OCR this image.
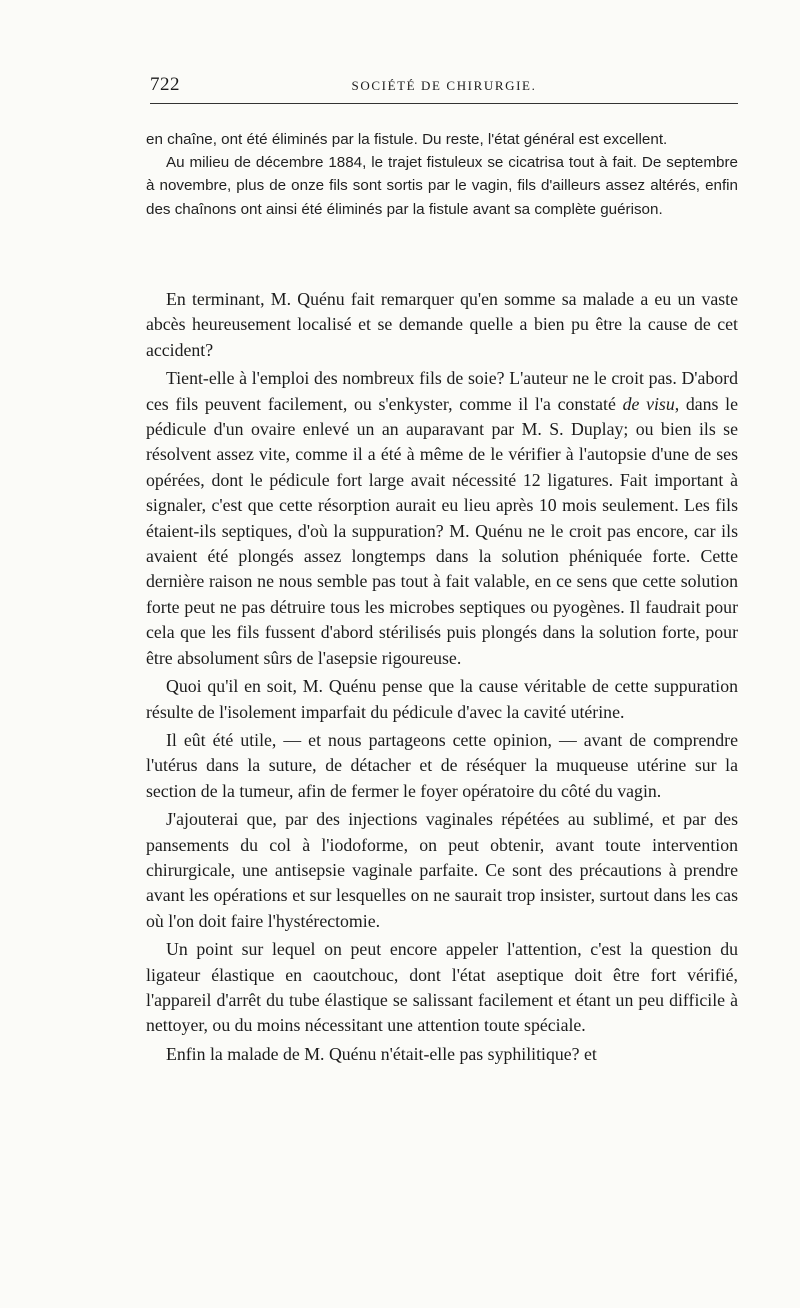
722	SOCIÉTÉ DE CHIRURGIE.

en chaîne, ont été éliminés par la fistule. Du reste, l'état général est excellent.

Au milieu de décembre 1884, le trajet fistuleux se cicatrisa tout à fait. De septembre à novembre, plus de onze fils sont sortis par le vagin, fils d'ailleurs assez altérés, enfin des chaînons ont ainsi été éliminés par la fistule avant sa complète guérison.

En terminant, M. Quénu fait remarquer qu'en somme sa malade a eu un vaste abcès heureusement localisé et se demande quelle a bien pu être la cause de cet accident?

Tient-elle à l'emploi des nombreux fils de soie? L'auteur ne le croit pas. D'abord ces fils peuvent facilement, ou s'enkyster, comme il l'a constaté de visu, dans le pédicule d'un ovaire enlevé un an auparavant par M. S. Duplay; ou bien ils se résolvent assez vite, comme il a été à même de le vérifier à l'autopsie d'une de ses opérées, dont le pédicule fort large avait nécessité 12 ligatures. Fait important à signaler, c'est que cette résorption aurait eu lieu après 10 mois seulement. Les fils étaient-ils septiques, d'où la suppuration? M. Quénu ne le croit pas encore, car ils avaient été plongés assez longtemps dans la solution phéniquée forte. Cette dernière raison ne nous semble pas tout à fait valable, en ce sens que cette solution forte peut ne pas détruire tous les microbes septiques ou pyogènes. Il faudrait pour cela que les fils fussent d'abord stérilisés puis plongés dans la solution forte, pour être absolument sûrs de l'asepsie rigoureuse.

Quoi qu'il en soit, M. Quénu pense que la cause véritable de cette suppuration résulte de l'isolement imparfait du pédicule d'avec la cavité utérine.

Il eût été utile, — et nous partageons cette opinion, — avant de comprendre l'utérus dans la suture, de détacher et de réséquer la muqueuse utérine sur la section de la tumeur, afin de fermer le foyer opératoire du côté du vagin.

J'ajouterai que, par des injections vaginales répétées au sublimé, et par des pansements du col à l'iodoforme, on peut obtenir, avant toute intervention chirurgicale, une antisepsie vaginale parfaite. Ce sont des précautions à prendre avant les opérations et sur lesquelles on ne saurait trop insister, surtout dans les cas où l'on doit faire l'hystérectomie.

Un point sur lequel on peut encore appeler l'attention, c'est la question du ligateur élastique en caoutchouc, dont l'état aseptique doit être fort vérifié, l'appareil d'arrêt du tube élastique se salissant facilement et étant un peu difficile à nettoyer, ou du moins nécessitant une attention toute spéciale.

Enfin la malade de M. Quénu n'était-elle pas syphilitique? et
